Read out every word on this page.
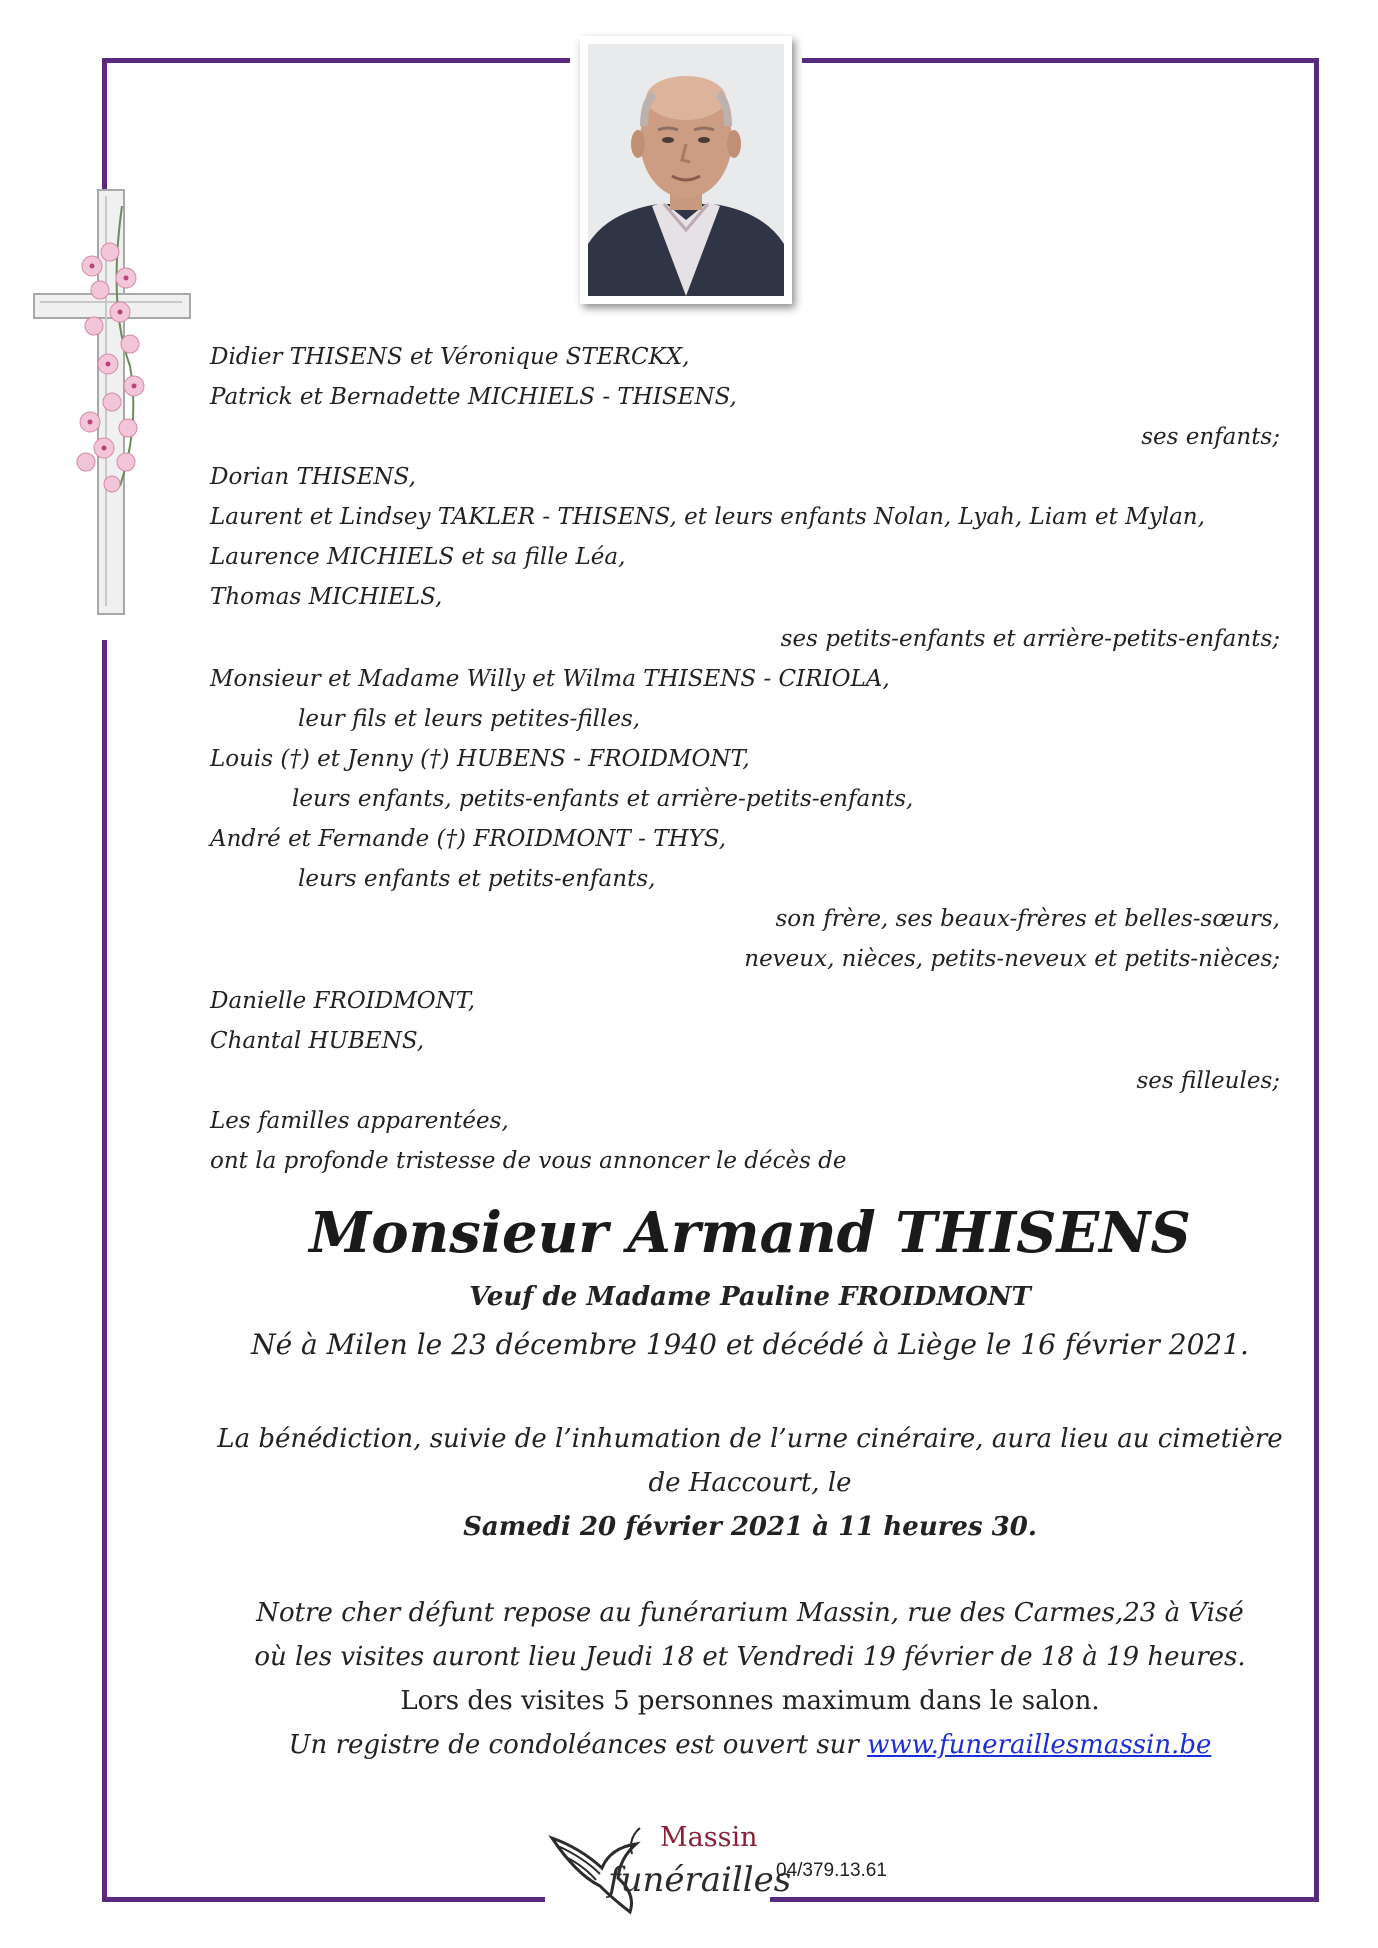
Didier THISENS et Véronique STERCKX,
Patrick et Bernadette MICHIELS - THISENS,
ses enfants;
Dorian THISENS,
Laurent et Lindsey TAKLER - THISENS, et leurs enfants Nolan, Lyah, Liam et Mylan,
Laurence MICHIELS et sa fille Léa,
Thomas MICHIELS,
ses petits-enfants et arrière-petits-enfants;
Monsieur et Madame Willy et Wilma THISENS - CIRIOLA,
leur fils et leurs petites-filles,
Louis (†) et Jenny (†) HUBENS - FROIDMONT,
leurs enfants, petits-enfants et arrière-petits-enfants,
André et Fernande (†) FROIDMONT - THYS,
leurs enfants et petits-enfants,
son frère, ses beaux-frères et belles-sœurs,
neveux, nièces, petits-neveux et petits-nièces;
Danielle FROIDMONT,
Chantal HUBENS,
ses filleules;
Les familles apparentées,
ont la profonde tristesse de vous annoncer le décès de
Monsieur Armand THISENS
Veuf de Madame Pauline FROIDMONT
Né à Milen le 23 décembre 1940 et décédé à Liège le 16 février 2021.
La bénédiction, suivie de l’inhumation de l’urne cinéraire, aura lieu au cimetière
de Haccourt, le
Samedi 20 février 2021 à 11 heures 30.
Notre cher défunt repose au funérarium Massin, rue des Carmes,23 à Visé
où les visites auront lieu Jeudi 18 et Vendredi 19 février de 18 à 19 heures.
Lors des visites 5 personnes maximum dans le salon.
Un registre de condoléances est ouvert sur www.funeraillesmassin.be
Massin
funérailles
04/379.13.61
